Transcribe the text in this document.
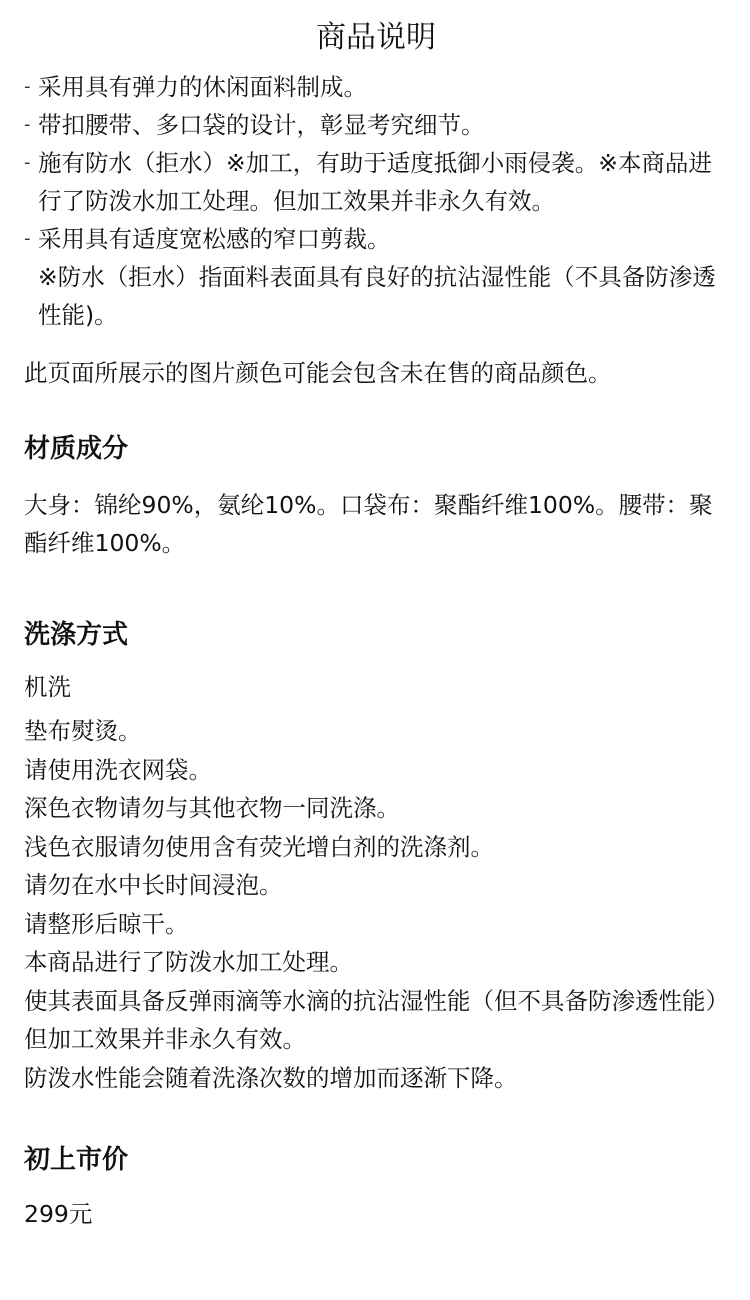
商品说明
- 采用具有弹力的休闲面料制成。
- 带扣腰带、多口袋的设计，彰显考究细节。
- 施有防水（拒水）※加工，有助于适度抵御小雨侵袭。※本商品进行了防泼水加工处理。但加工效果并非永久有效。
- 采用具有适度宽松感的窄口剪裁。
※防水（拒水）指面料表面具有良好的抗沾湿性能（不具备防渗透性能)。

此页面所展示的图片颜色可能会包含未在售的商品颜色。

材质成分

大身：锦纶90%，氨纶10%。口袋布：聚酯纤维100%。腰带：聚酯纤维100%。

洗涤方式

机洗

垫布熨烫。

请使用洗衣网袋。

深色衣物请勿与其他衣物一同洗涤。

浅色衣服请勿使用含有荧光增白剂的洗涤剂。

请勿在水中长时间浸泡。

请整形后晾干。

本商品进行了防泼水加工处理。

使其表面具备反弹雨滴等水滴的抗沾湿性能（但不具备防渗透性能）但加工效果并非永久有效。

防泼水性能会随着洗涤次数的增加而逐渐下降。

初上市价

299元
